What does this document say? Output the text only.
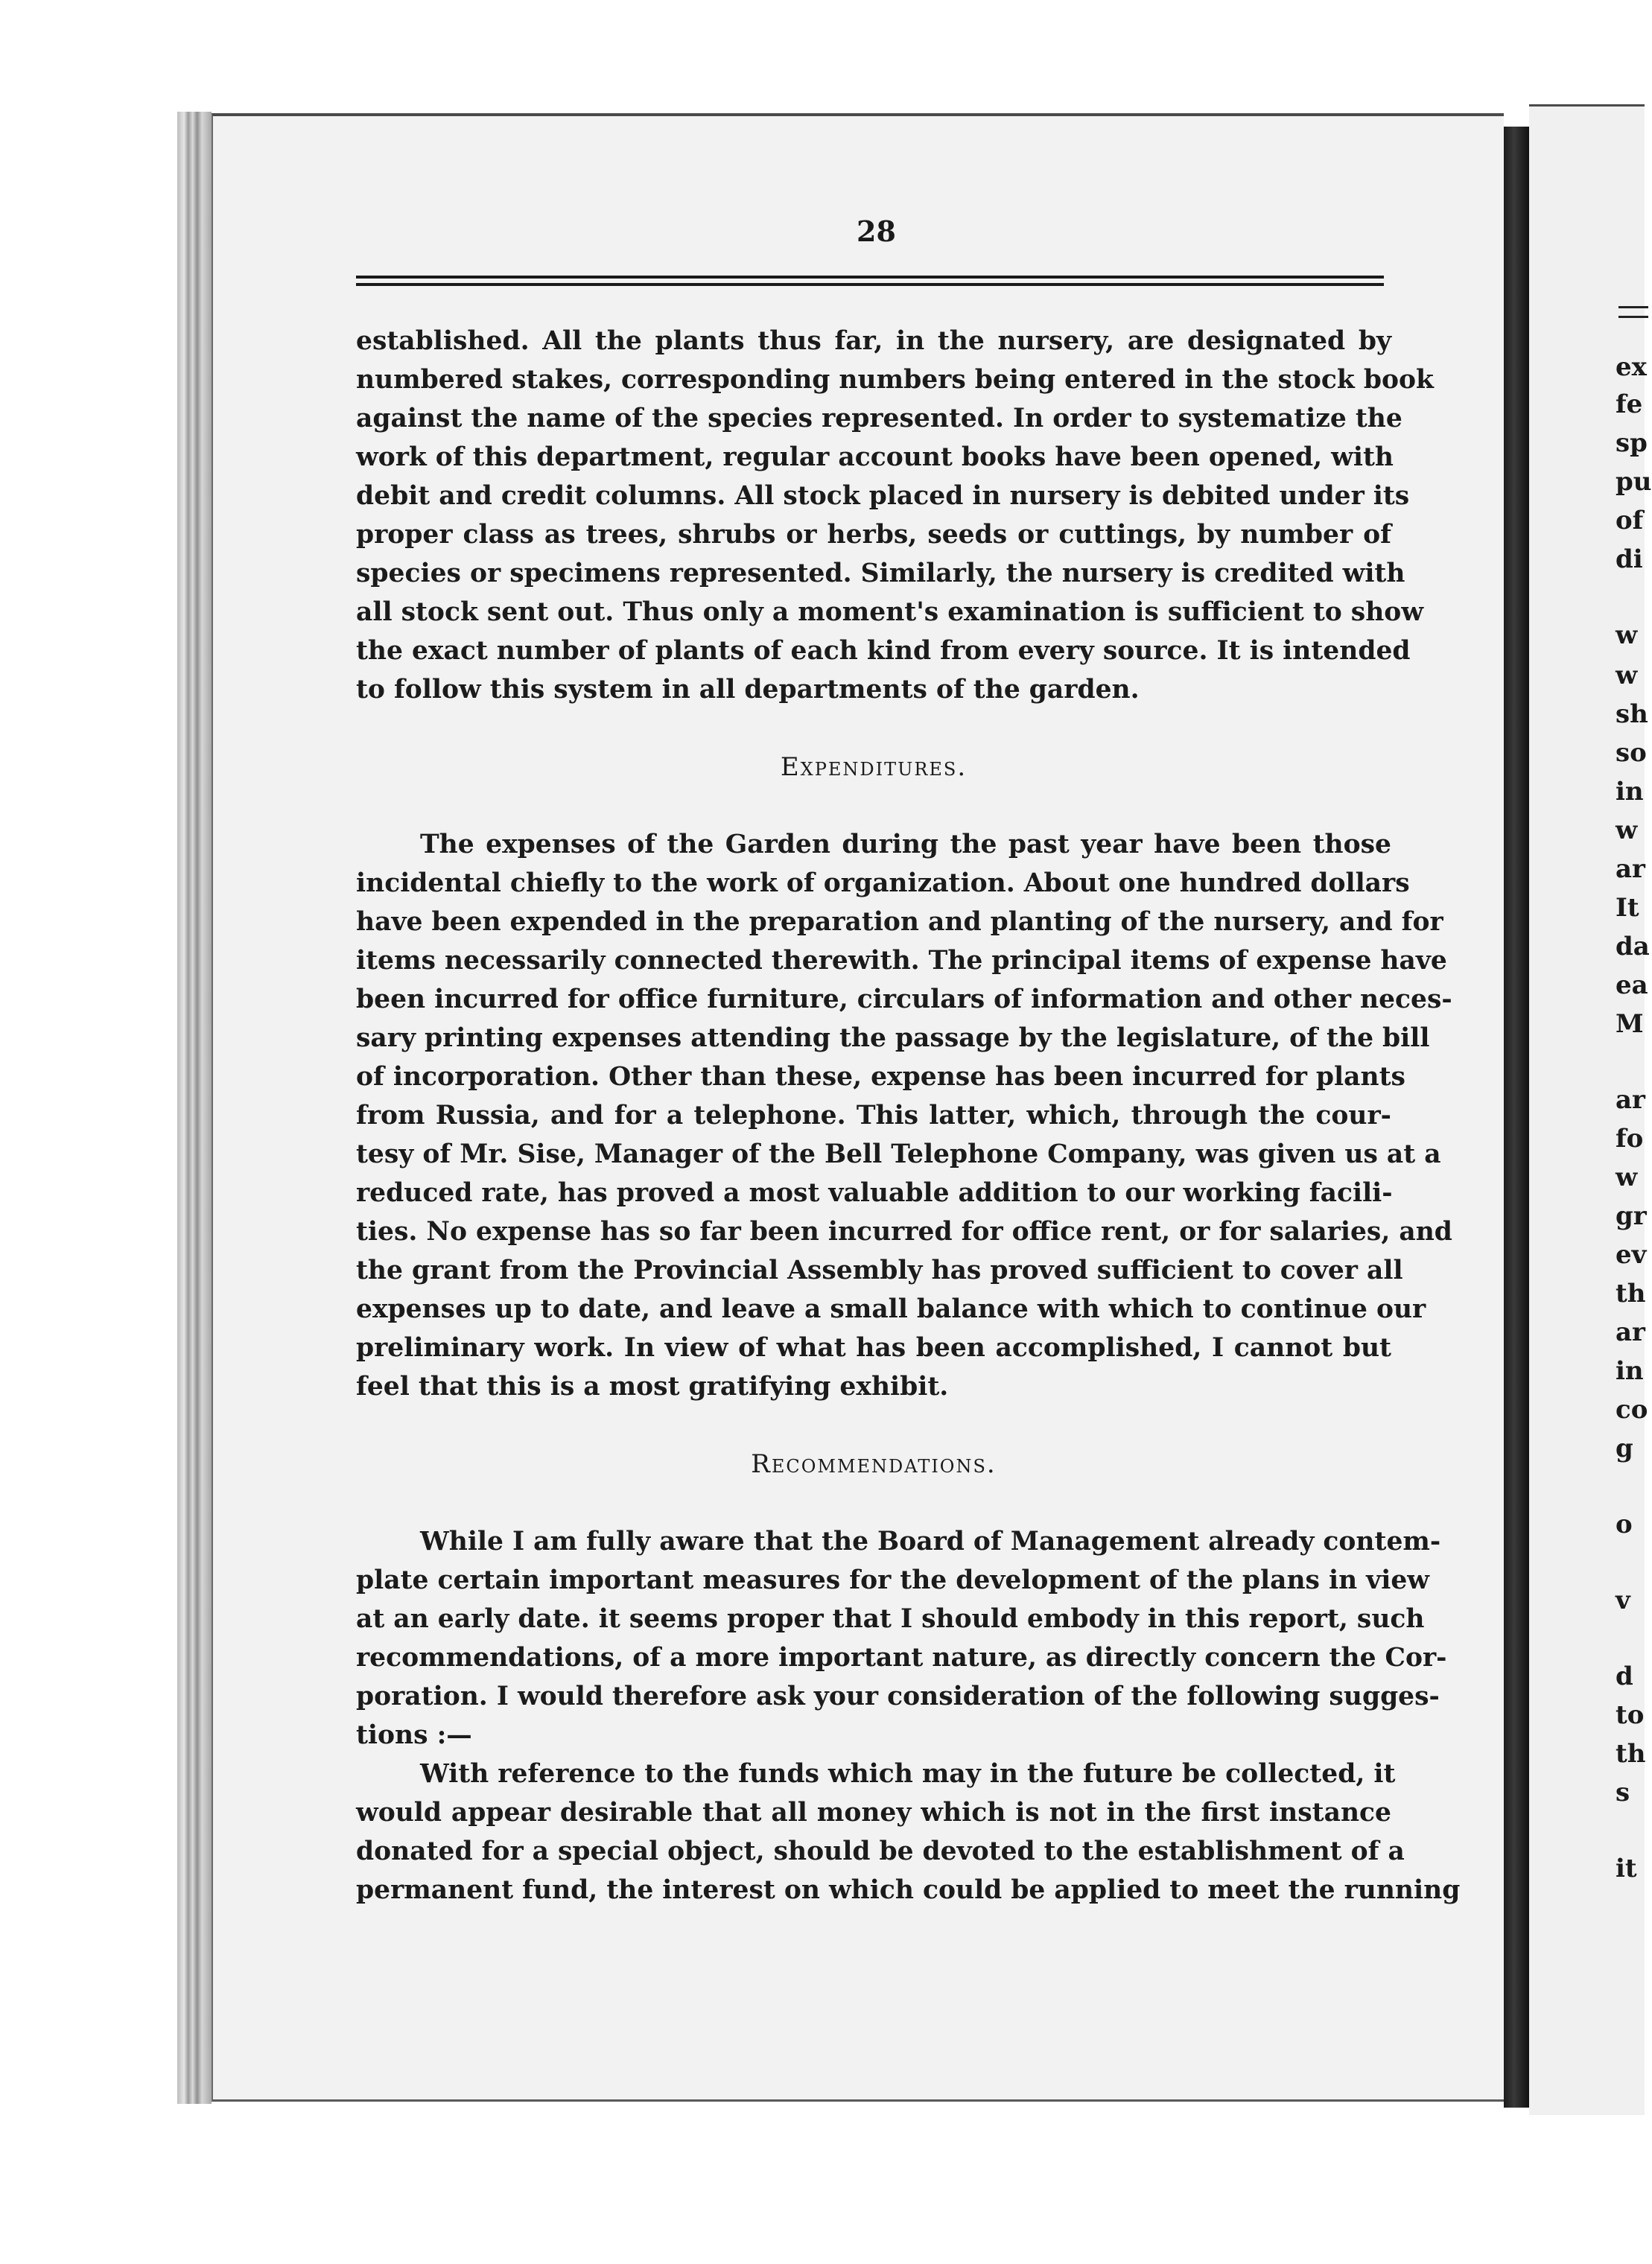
ex
fe
sp
pu
of
di
w
w
sh
so
in
w
ar
It
da
ea
M
ar
fo
w
gr
ev
th
ar
in
co
g
o
v
d
to
th
s
it
28
established. All the plants thus far, in the nursery, are designated by
numbered stakes, corresponding numbers being entered in the stock book
against the name of the species represented. In order to systematize the
work of this department, regular account books have been opened, with
debit and credit columns. All stock placed in nursery is debited under its
proper class as trees, shrubs or herbs, seeds or cuttings, by number of
species or specimens represented. Similarly, the nursery is credited with
all stock sent out. Thus only a moment's examination is sufficient to show
the exact number of plants of each kind from every source. It is intended
to follow this system in all departments of the garden.

Expenditures.

The expenses of the Garden during the past year have been those
incidental chiefly to the work of organization. About one hundred dollars
have been expended in the preparation and planting of the nursery, and for
items necessarily connected therewith. The principal items of expense have
been incurred for office furniture, circulars of information and other neces-
sary printing expenses attending the passage by the legislature, of the bill
of incorporation. Other than these, expense has been incurred for plants
from Russia, and for a telephone. This latter, which, through the cour-
tesy of Mr. Sise, Manager of the Bell Telephone Company, was given us at a
reduced rate, has proved a most valuable addition to our working facili-
ties. No expense has so far been incurred for office rent, or for salaries, and
the grant from the Provincial Assembly has proved sufficient to cover all
expenses up to date, and leave a small balance with which to continue our
preliminary work. In view of what has been accomplished, I cannot but
feel that this is a most gratifying exhibit.

Recommendations.

While I am fully aware that the Board of Management already contem-
plate certain important measures for the development of the plans in view
at an early date. it seems proper that I should embody in this report, such
recommendations, of a more important nature, as directly concern the Cor-
poration. I would therefore ask your consideration of the following sugges-
tions :—
With reference to the funds which may in the future be collected, it
would appear desirable that all money which is not in the first instance
donated for a special object, should be devoted to the establishment of a
permanent fund, the interest on which could be applied to meet the running
